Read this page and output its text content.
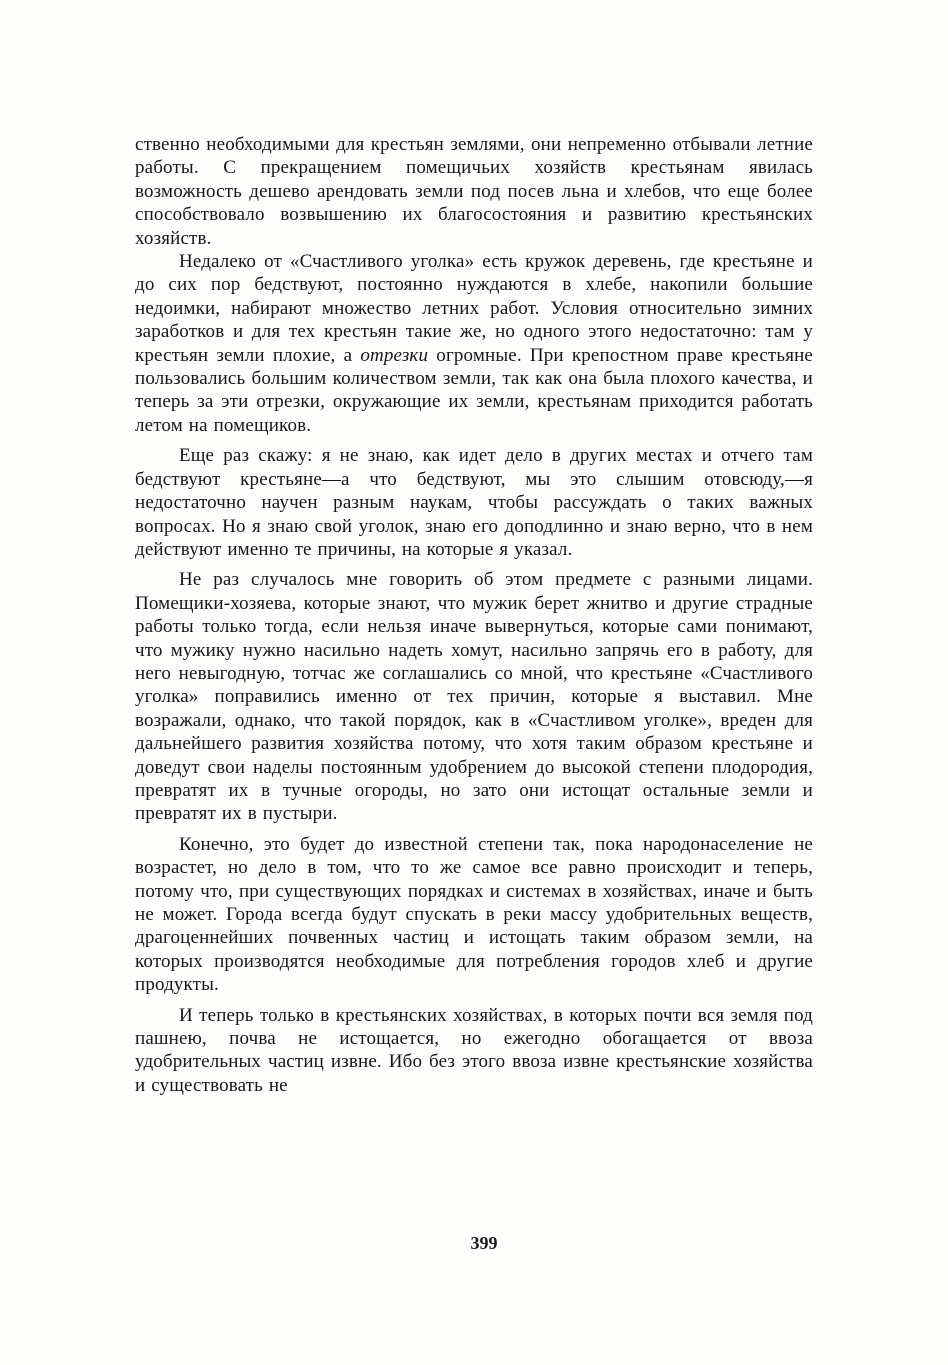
ственно необходимыми для крестьян землями, они непременно отбывали летние работы. С прекращением помещичьих хозяйств крестьянам явилась возможность дешево арендовать земли под посев льна и хлебов, что еще более способствовало возвышению их благосостояния и развитию крестьянских хозяйств.

Недалеко от «Счастливого уголка» есть кружок деревень, где крестьяне и до сих пор бедствуют, постоянно нуждаются в хлебе, накопили большие недоимки, набирают множество летних работ. Условия относительно зимних заработков и для тех крестьян такие же, но одного этого недостаточно: там у крестьян земли плохие, а отрезки огромные. При крепостном праве крестьяне пользовались большим количеством земли, так как она была плохого качества, и теперь за эти отрезки, окружающие их земли, крестьянам приходится работать летом на помещиков.

Еще раз скажу: я не знаю, как идет дело в других местах и отчего там бедствуют крестьяне—а что бедствуют, мы это слышим отовсюду,—я недостаточно научен разным наукам, чтобы рассуждать о таких важных вопросах. Но я знаю свой уголок, знаю его доподлинно и знаю верно, что в нем действуют именно те причины, на которые я указал.

Не раз случалось мне говорить об этом предмете с разными лицами. Помещики-хозяева, которые знают, что мужик берет жнитво и другие страдные работы только тогда, если нельзя иначе вывернуться, которые сами понимают, что мужику нужно насильно надеть хомут, насильно запрячь его в работу, для него невыгодную, тотчас же соглашались со мной, что крестьяне «Счастливого уголка» поправились именно от тех причин, которые я выставил. Мне возражали, однако, что такой порядок, как в «Счастливом уголке», вреден для дальнейшего развития хозяйства потому, что хотя таким образом крестьяне и доведут свои наделы постоянным удобрением до высокой степени плодородия, превратят их в тучные огороды, но зато они истощат остальные земли и превратят их в пустыри.

Конечно, это будет до известной степени так, пока народонаселение не возрастет, но дело в том, что то же самое все равно происходит и теперь, потому что, при существующих порядках и системах в хозяйствах, иначе и быть не может. Города всегда будут спускать в реки массу удобрительных веществ, драгоценнейших почвенных частиц и истощать таким образом земли, на которых производятся необходимые для потребления городов хлеб и другие продукты.

И теперь только в крестьянских хозяйствах, в которых почти вся земля под пашнею, почва не истощается, но ежегодно обогащается от ввоза удобрительных частиц извне. Ибо без этого ввоза извне крестьянские хозяйства и существовать не

399
